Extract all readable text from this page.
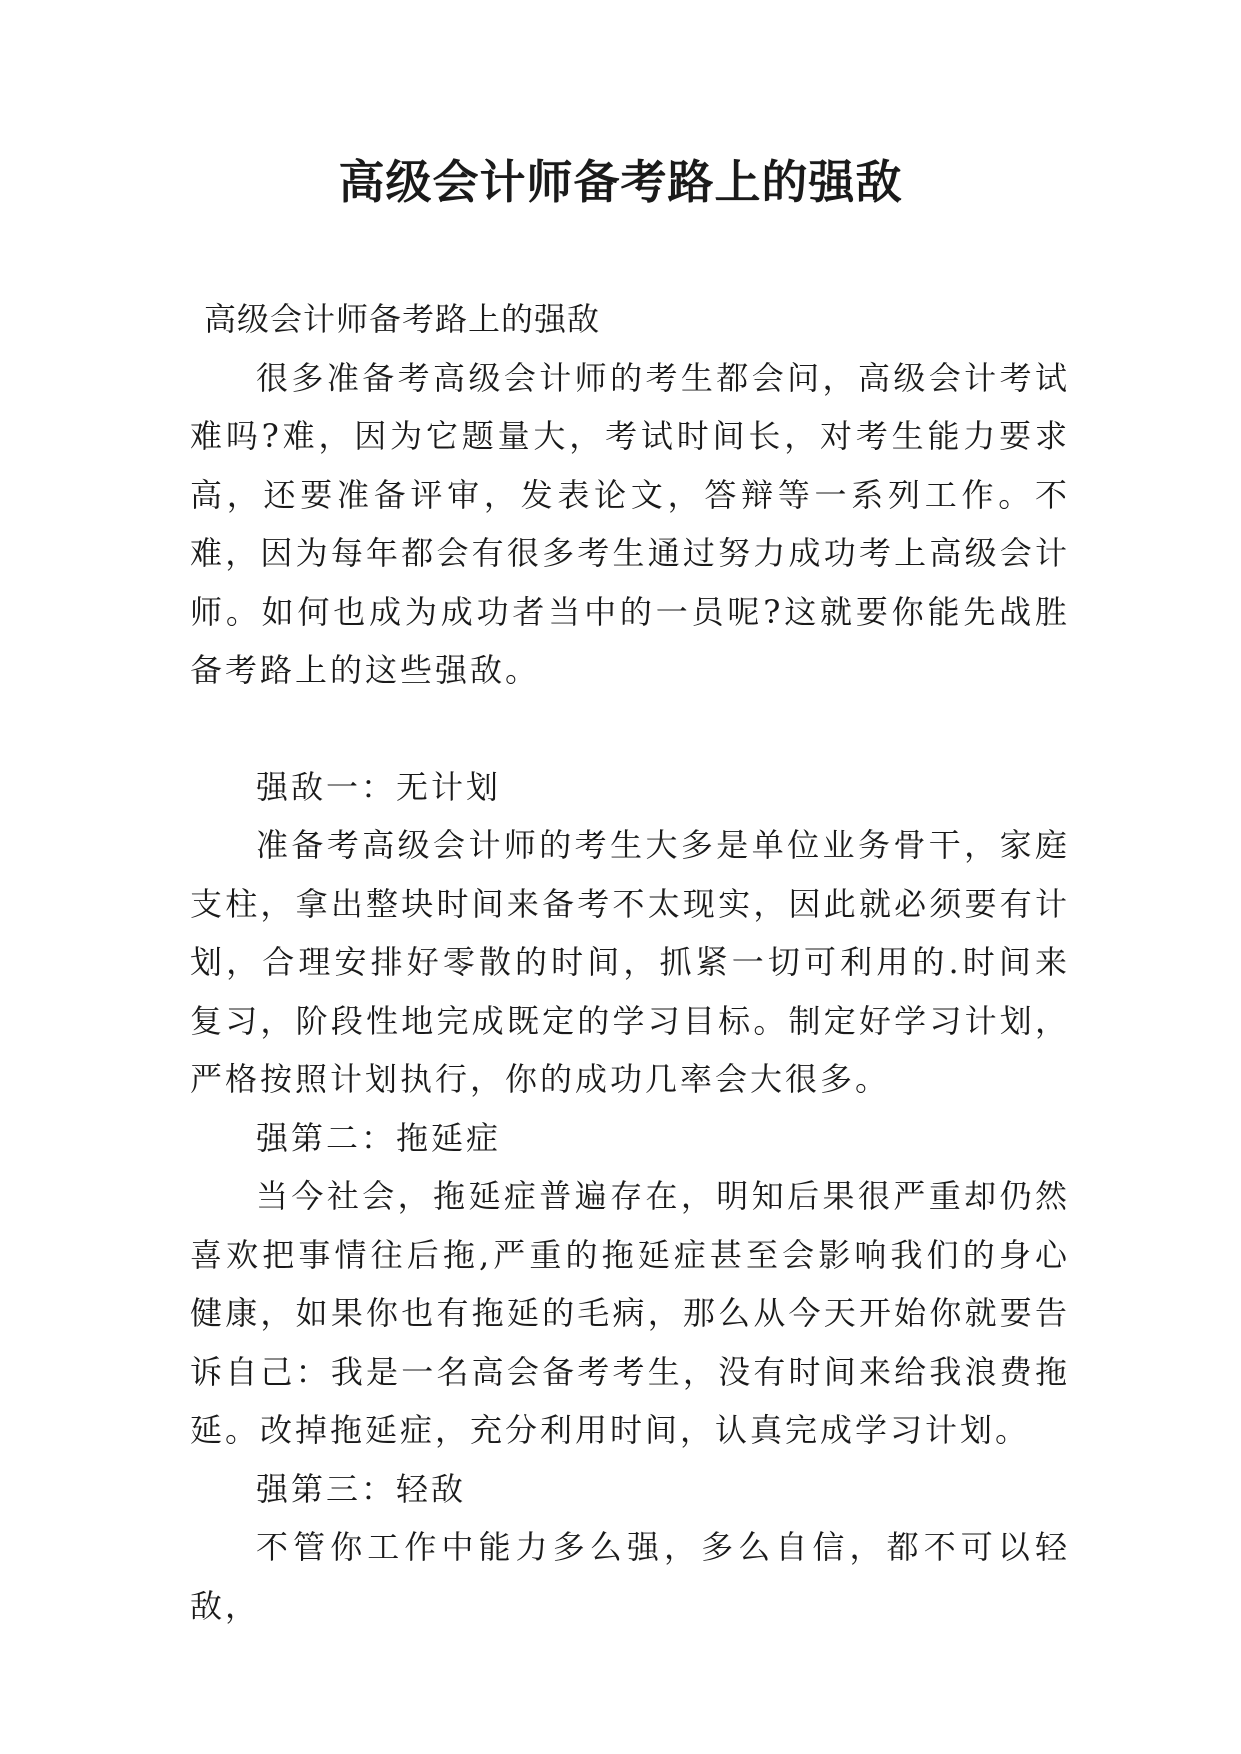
高级会计师备考路上的强敌

高级会计师备考路上的强敌

很多准备考高级会计师的考生都会问，高级会计考试难吗?难，因为它题量大，考试时间长，对考生能力要求高，还要准备评审，发表论文，答辩等一系列工作。不难，因为每年都会有很多考生通过努力成功考上高级会计师。如何也成为成功者当中的一员呢?这就要你能先战胜备考路上的这些强敌。

强敌一：无计划

准备考高级会计师的考生大多是单位业务骨干，家庭支柱，拿出整块时间来备考不太现实，因此就必须要有计划，合理安排好零散的时间，抓紧一切可利用的.时间来复习，阶段性地完成既定的学习目标。制定好学习计划，严格按照计划执行，你的成功几率会大很多。

强第二：拖延症

当今社会，拖延症普遍存在，明知后果很严重却仍然喜欢把事情往后拖,严重的拖延症甚至会影响我们的身心健康，如果你也有拖延的毛病，那么从今天开始你就要告诉自己：我是一名高会备考考生，没有时间来给我浪费拖延。改掉拖延症，充分利用时间，认真完成学习计划。

强第三：轻敌

不管你工作中能力多么强，多么自信，都不可以轻敌，
